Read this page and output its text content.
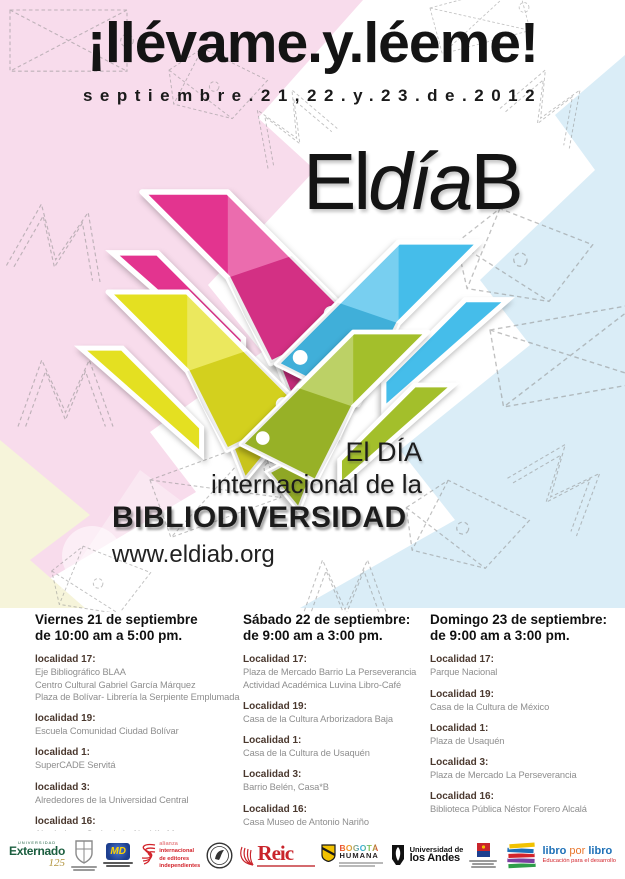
¡llévame.y.léeme!
septiembre.21,22.y.23.de.2012
EldíaB
El DÍA
internacional de la
BIBLIODIVERSIDAD
www.eldiab.org
Viernes 21 de septiembre
de 10:00 am a 5:00 pm.
localidad 17:
Eje Bibliográfico BLAA
Centro Cultural Gabriel García Márquez
Plaza de Bolívar- Librería la Serpiente Emplumada
localidad 19:
Escuela Comunidad Ciudad Bolívar
localidad 1:
SuperCADE Servitá
localidad 3:
Alrededores de la Universidad Central
localidad 16:
Sábado 22 de septiembre:
de 9:00 am a 3:00 pm.
Localidad 17:
Plaza de Mercado Barrio La Perseverancia
Actividad Académica Luvina Libro-Café
Localidad 19:
Casa de la Cultura Arborizadora Baja
Localidad 1:
Casa de la Cultura de Usaquén
Localidad 3:
Barrio Belén, Casa*B
Localidad 16:
Casa Museo de Antonio Nariño
Domingo 23 de septiembre:
de 9:00 am a 3:00 pm.
Localidad 17:
Parque Nacional
Localidad 19:
Casa de la Cultura de México
Localidad 1:
Plaza de Usaquén
Localidad 3:
Plaza de Mercado La Perseverancia
Localidad 16:
Biblioteca Pública Néstor Forero Alcalá
UNIVERSIDAD
Externado
125
MD
alianza
internacional
de editores
independientes
Reic	BOGOTÁ
HUMANA
Universidad de
los Andes
libro por libro
Educación para el desarrollo
